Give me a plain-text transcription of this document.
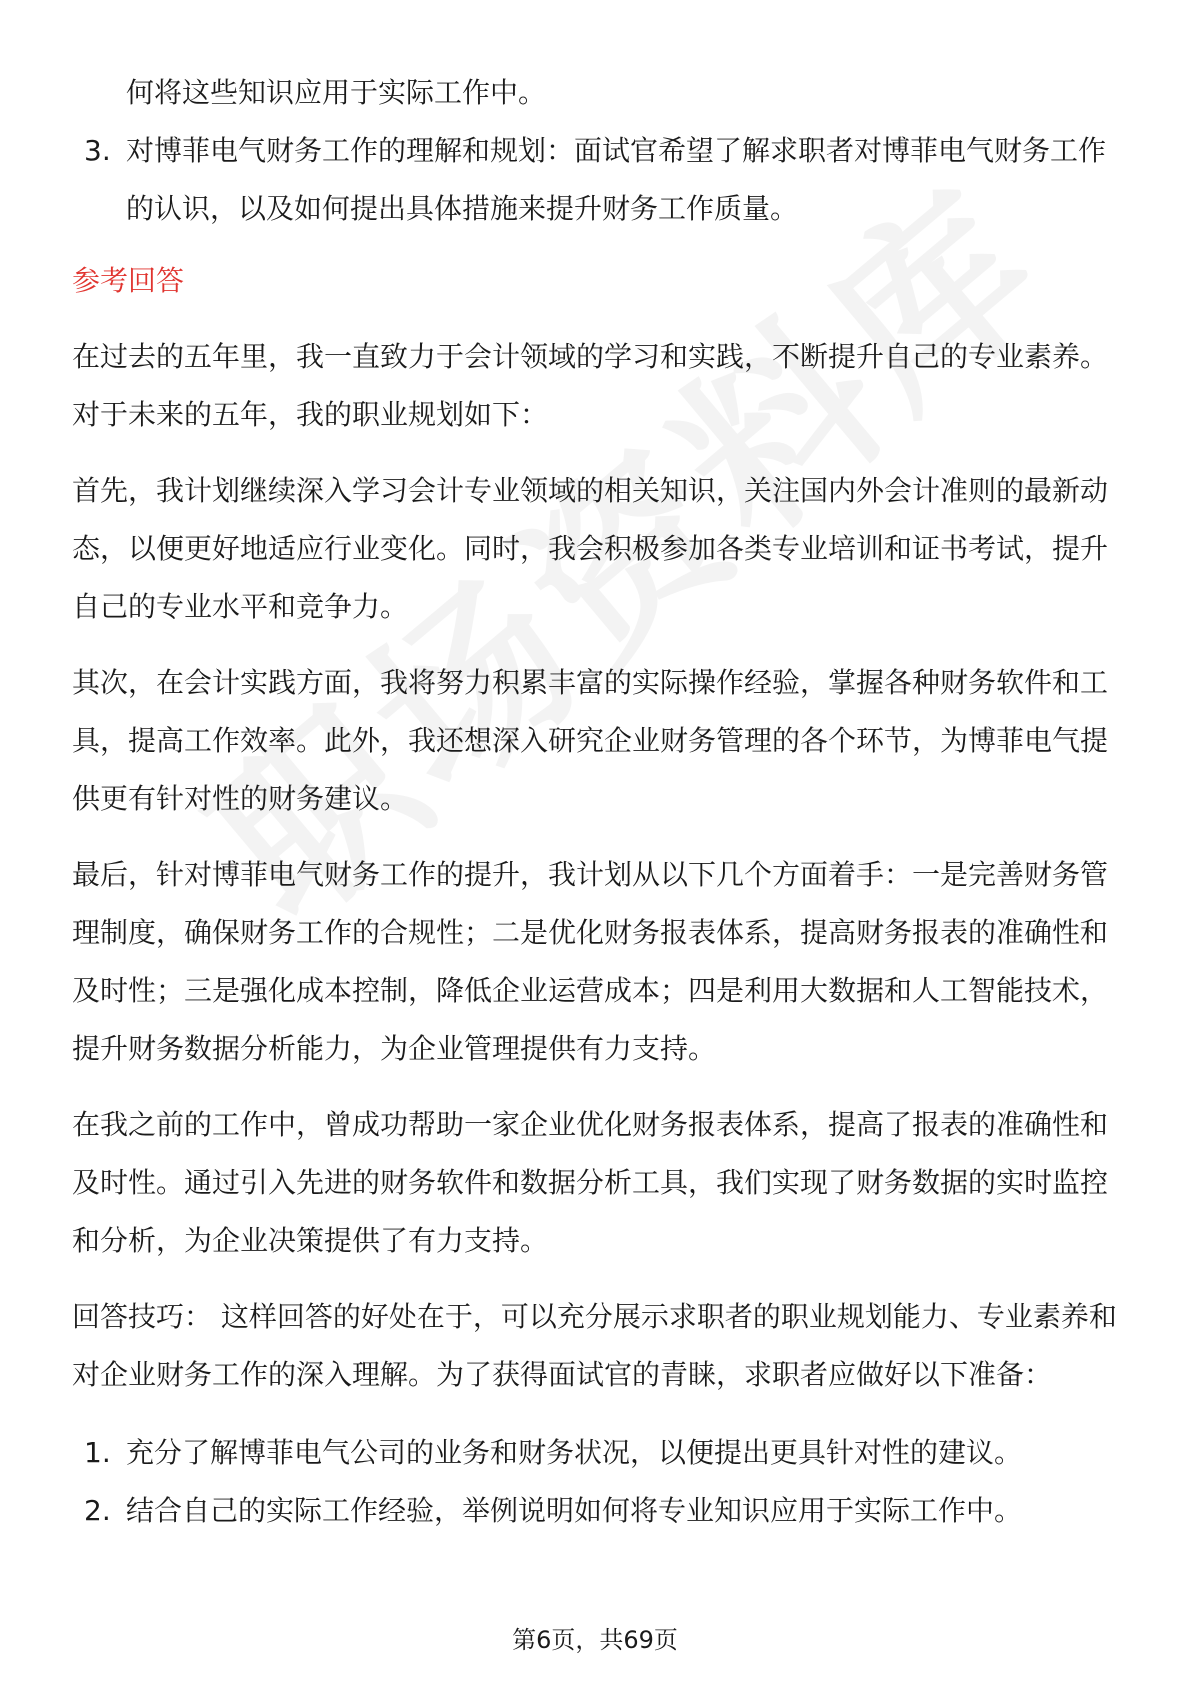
何将这些知识应用于实际工作中。
3. 对博菲电气财务工作的理解和规划：面试官希望了解求职者对博菲电气财务工作的认识，以及如何提出具体措施来提升财务工作质量。
参考回答
在过去的五年里，我一直致力于会计领域的学习和实践，不断提升自己的专业素养。对于未来的五年，我的职业规划如下：
首先，我计划继续深入学习会计专业领域的相关知识，关注国内外会计准则的最新动态，以便更好地适应行业变化。同时，我会积极参加各类专业培训和证书考试，提升自己的专业水平和竞争力。
其次，在会计实践方面，我将努力积累丰富的实际操作经验，掌握各种财务软件和工具，提高工作效率。此外，我还想深入研究企业财务管理的各个环节，为博菲电气提供更有针对性的财务建议。
最后，针对博菲电气财务工作的提升，我计划从以下几个方面着手：一是完善财务管理制度，确保财务工作的合规性；二是优化财务报表体系，提高财务报表的准确性和及时性；三是强化成本控制，降低企业运营成本；四是利用大数据和人工智能技术，提升财务数据分析能力，为企业管理提供有力支持。
在我之前的工作中，曾成功帮助一家企业优化财务报表体系，提高了报表的准确性和及时性。通过引入先进的财务软件和数据分析工具，我们实现了财务数据的实时监控和分析，为企业决策提供了有力支持。
回答技巧： 这样回答的好处在于，可以充分展示求职者的职业规划能力、专业素养和对企业财务工作的深入理解。为了获得面试官的青睐，求职者应做好以下准备：
1. 充分了解博菲电气公司的业务和财务状况，以便提出更具针对性的建议。
2. 结合自己的实际工作经验，举例说明如何将专业知识应用于实际工作中。
第6页，共69页
